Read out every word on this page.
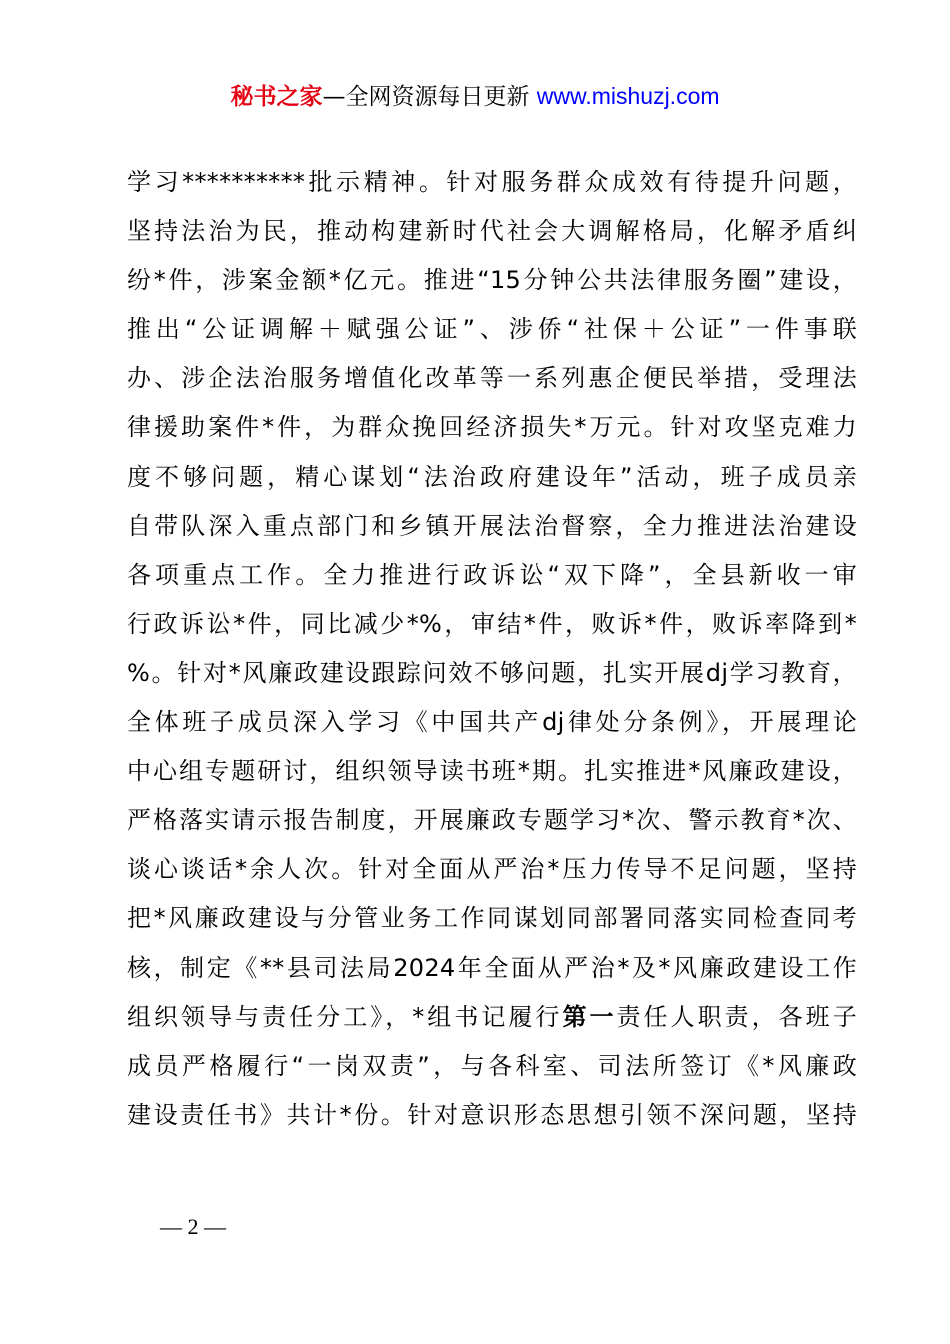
秘书之家—全网资源每日更新 www.mishuzj.com
学习**********批示精神。针对服务群众成效有待提升问题，
坚持法治为民，推动构建新时代社会大调解格局，化解矛盾纠
纷*件，涉案金额*亿元。推进“15分钟公共法律服务圈”建设，
推出“公证调解＋赋强公证”、涉侨“社保＋公证”一件事联
办、涉企法治服务增值化改革等一系列惠企便民举措，受理法
律援助案件*件，为群众挽回经济损失*万元。针对攻坚克难力
度不够问题，精心谋划“法治政府建设年”活动，班子成员亲
自带队深入重点部门和乡镇开展法治督察，全力推进法治建设
各项重点工作。全力推进行政诉讼“双下降”，全县新收一审
行政诉讼*件，同比减少*%，审结*件，败诉*件，败诉率降到*
%。针对*风廉政建设跟踪问效不够问题，扎实开展dj学习教育，
全体班子成员深入学习《中国共产dj律处分条例》，开展理论
中心组专题研讨，组织领导读书班*期。扎实推进*风廉政建设，
严格落实请示报告制度，开展廉政专题学习*次、警示教育*次、
谈心谈话*余人次。针对全面从严治*压力传导不足问题，坚持
把*风廉政建设与分管业务工作同谋划同部署同落实同检查同考
核，制定《**县司法局2024年全面从严治*及*风廉政建设工作
组织领导与责任分工》，*组书记履行第一责任人职责，各班子
成员严格履行“一岗双责”，与各科室、司法所签订《*风廉政
建设责任书》共计*份。针对意识形态思想引领不深问题，坚持
— 2 —
